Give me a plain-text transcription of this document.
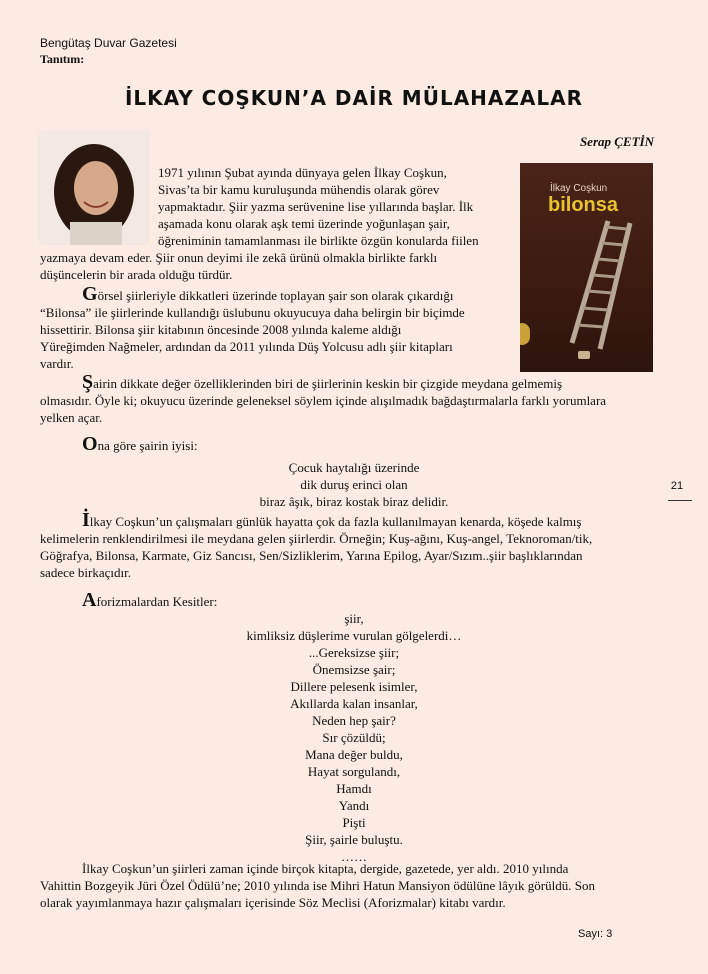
Bengütaş Duvar Gazetesi
Tanıtım:
İLKAY COŞKUN’A DAİR MÜLAHAZALAR
Serap ÇETİN
İlkay Coşkun
bilonsa
1971 yılının Şubat ayında dünyaya gelen İlkay Coşkun,
Sivas’ta bir kamu kuruluşunda mühendis olarak görev
yapmaktadır. Şiir yazma serüvenine lise yıllarında başlar. İlk
aşamada konu olarak aşk temi üzerinde yoğunlaşan şair,
öğreniminin tamamlanması ile birlikte özgün konularda fiilen
yazmaya devam eder. Şiir onun deyimi ile zekâ ürünü olmakla birlikte farklı
düşüncelerin bir arada olduğu türdür.
Görsel şiirleriyle dikkatleri üzerinde toplayan şair son olarak çıkardığı
“Bilonsa” ile şiirlerinde kullandığı üslubunu okuyucuya daha belirgin bir biçimde
hissettirir. Bilonsa şiir kitabının öncesinde 2008 yılında kaleme aldığı
Yüreğimden Nağmeler, ardından da 2011 yılında Düş Yolcusu adlı şiir kitapları
vardır.
Şairin dikkate değer özelliklerinden biri de şiirlerinin keskin bir çizgide meydana gelmemiş
olmasıdır. Öyle ki; okuyucu üzerinde geleneksel söylem içinde alışılmadık bağdaştırmalarla farklı yorumlara
yelken açar.
Ona göre şairin iyisi:
Çocuk haytalığı üzerinde
dik duruş erinci olan
biraz âşık, biraz kostak biraz delidir.
İlkay Coşkun’un çalışmaları günlük hayatta çok da fazla kullanılmayan kenarda, köşede kalmış
kelimelerin renklendirilmesi ile meydana gelen şiirlerdir. Örneğin; Kuş-ağını, Kuş-angel, Teknoroman/tik,
Göğrafya, Bilonsa, Karmate, Giz Sancısı, Sen/Sizliklerim, Yarına Epilog, Ayar/Sızım..şiir başlıklarından
sadece birkaçıdır.
Aforizmalardan Kesitler:
şiir,
kimliksiz düşlerime vurulan gölgelerdi…
...Gereksizse şiir;
Önemsizse şair;
Dillere pelesenk isimler,
Akıllarda kalan insanlar,
Neden hep şair?
Sır çözüldü;
Mana değer buldu,
Hayat sorgulandı,
Hamdı
Yandı
Pişti
Şiir, şairle buluştu.
……
İlkay Coşkun’un şiirleri zaman içinde birçok kitapta, dergide, gazetede, yer aldı. 2010 yılında
Vahittin Bozgeyik Jüri Özel Ödülü’ne; 2010 yılında ise Mihri Hatun Mansiyon ödülüne lâyık görüldü. Son
olarak yayımlanmaya hazır çalışmaları içerisinde Söz Meclisi (Aforizmalar) kitabı vardır.
21
Sayı: 3
